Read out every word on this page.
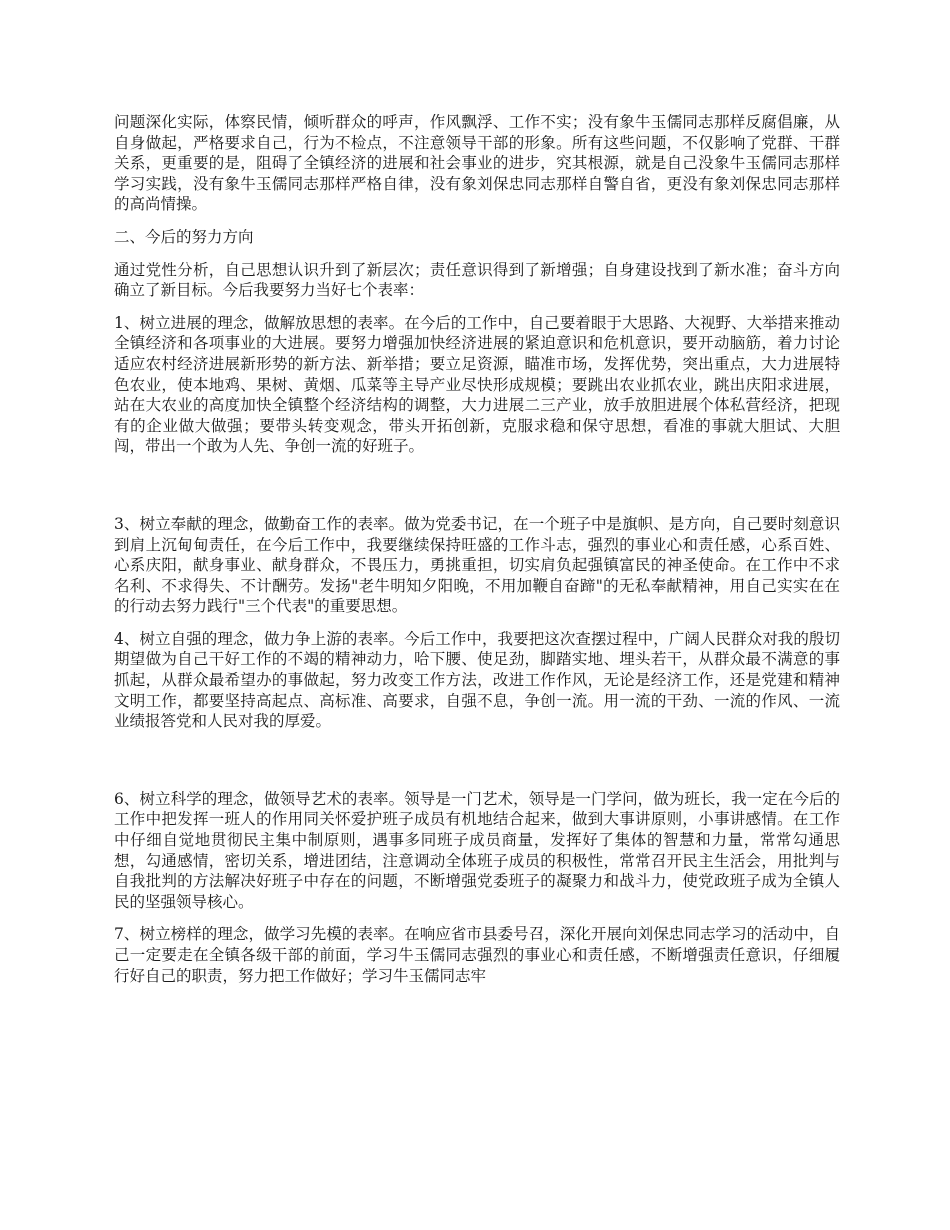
问题深化实际，体察民情，倾听群众的呼声，作风飘浮、工作不实；没有象牛玉儒同志那样反腐倡廉，从自身做起，严格要求自己，行为不检点，不注意领导干部的形象。所有这些问题，不仅影响了党群、干群关系，更重要的是，阻碍了全镇经济的进展和社会事业的进步，究其根源，就是自己没象牛玉儒同志那样学习实践，没有象牛玉儒同志那样严格自律，没有象刘保忠同志那样自警自省，更没有象刘保忠同志那样的高尚情操。

二、今后的努力方向

通过党性分析，自己思想认识升到了新层次；责任意识得到了新增强；自身建设找到了新水准；奋斗方向确立了新目标。今后我要努力当好七个表率：

1、树立进展的理念，做解放思想的表率。在今后的工作中，自己要着眼于大思路、大视野、大举措来推动全镇经济和各项事业的大进展。要努力增强加快经济进展的紧迫意识和危机意识，要开动脑筋，着力讨论适应农村经济进展新形势的新方法、新举措；要立足资源，瞄准市场，发挥优势，突出重点，大力进展特色农业，使本地鸡、果树、黄烟、瓜菜等主导产业尽快形成规模；要跳出农业抓农业，跳出庆阳求进展，站在大农业的高度加快全镇整个经济结构的调整，大力进展二三产业，放手放胆进展个体私营经济，把现有的企业做大做强；要带头转变观念，带头开拓创新，克服求稳和保守思想，看准的事就大胆试、大胆闯，带出一个敢为人先、争创一流的好班子。

3、树立奉献的理念，做勤奋工作的表率。做为党委书记，在一个班子中是旗帜、是方向，自己要时刻意识到肩上沉甸甸责任，在今后工作中，我要继续保持旺盛的工作斗志，强烈的事业心和责任感，心系百姓、心系庆阳，献身事业、献身群众，不畏压力，勇挑重担，切实肩负起强镇富民的神圣使命。在工作中不求名利、不求得失、不计酬劳。发扬"老牛明知夕阳晚，不用加鞭自奋蹄"的无私奉献精神，用自己实实在在的行动去努力践行"三个代表"的重要思想。

4、树立自强的理念，做力争上游的表率。今后工作中，我要把这次查摆过程中，广阔人民群众对我的殷切期望做为自己干好工作的不竭的精神动力，哈下腰、使足劲，脚踏实地、埋头若干，从群众最不满意的事抓起，从群众最希望办的事做起，努力改变工作方法，改进工作作风，无论是经济工作，还是党建和精神文明工作，都要坚持高起点、高标准、高要求，自强不息，争创一流。用一流的干劲、一流的作风、一流业绩报答党和人民对我的厚爱。

6、树立科学的理念，做领导艺术的表率。领导是一门艺术，领导是一门学问，做为班长，我一定在今后的工作中把发挥一班人的作用同关怀爱护班子成员有机地结合起来，做到大事讲原则，小事讲感情。在工作中仔细自觉地贯彻民主集中制原则，遇事多同班子成员商量，发挥好了集体的智慧和力量，常常勾通思想，勾通感情，密切关系，增进团结，注意调动全体班子成员的积极性，常常召开民主生活会，用批判与自我批判的方法解决好班子中存在的问题，不断增强党委班子的凝聚力和战斗力，使党政班子成为全镇人民的坚强领导核心。

7、树立榜样的理念，做学习先模的表率。在响应省市县委号召，深化开展向刘保忠同志学习的活动中，自己一定要走在全镇各级干部的前面，学习牛玉儒同志强烈的事业心和责任感，不断增强责任意识，仔细履行好自己的职责，努力把工作做好；学习牛玉儒同志牢
